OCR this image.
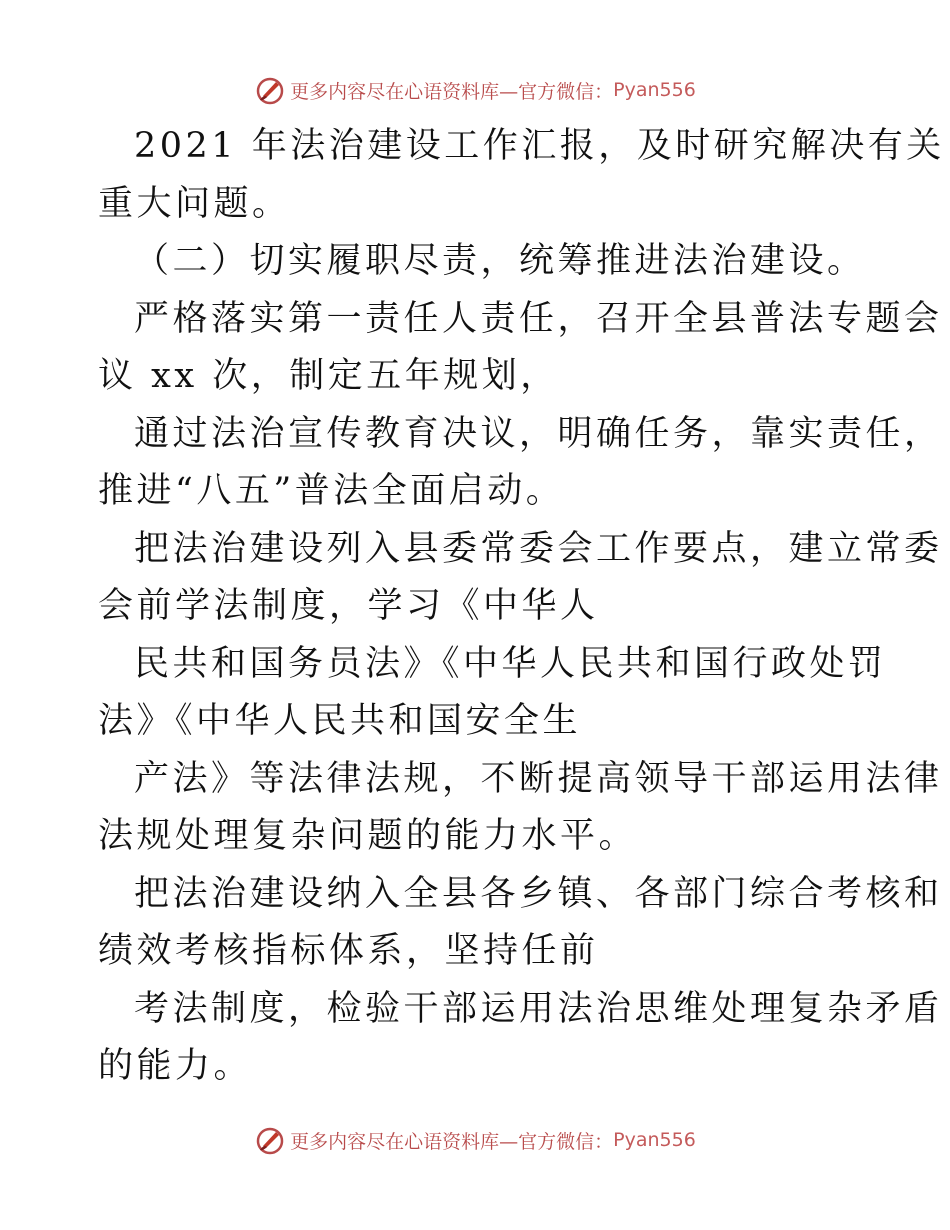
更多内容尽在心语资料库—官方微信： Pyan556
2021 年法治建设工作汇报，及时研究解决有关
重大问题。
（二）切实履职尽责，统筹推进法治建设。
严格落实第一责任人责任，召开全县普法专题会
议 xx 次，制定五年规划，
通过法治宣传教育决议，明确任务，靠实责任，
推进“八五”普法全面启动。
把法治建设列入县委常委会工作要点，建立常委
会前学法制度，学习《中华人
民共和国务员法》《中华人民共和国行政处罚
法》《中华人民共和国安全生
产法》等法律法规，不断提高领导干部运用法律
法规处理复杂问题的能力水平。
把法治建设纳入全县各乡镇、各部门综合考核和
绩效考核指标体系，坚持任前
考法制度，检验干部运用法治思维处理复杂矛盾
的能力。
更多内容尽在心语资料库—官方微信： Pyan556
